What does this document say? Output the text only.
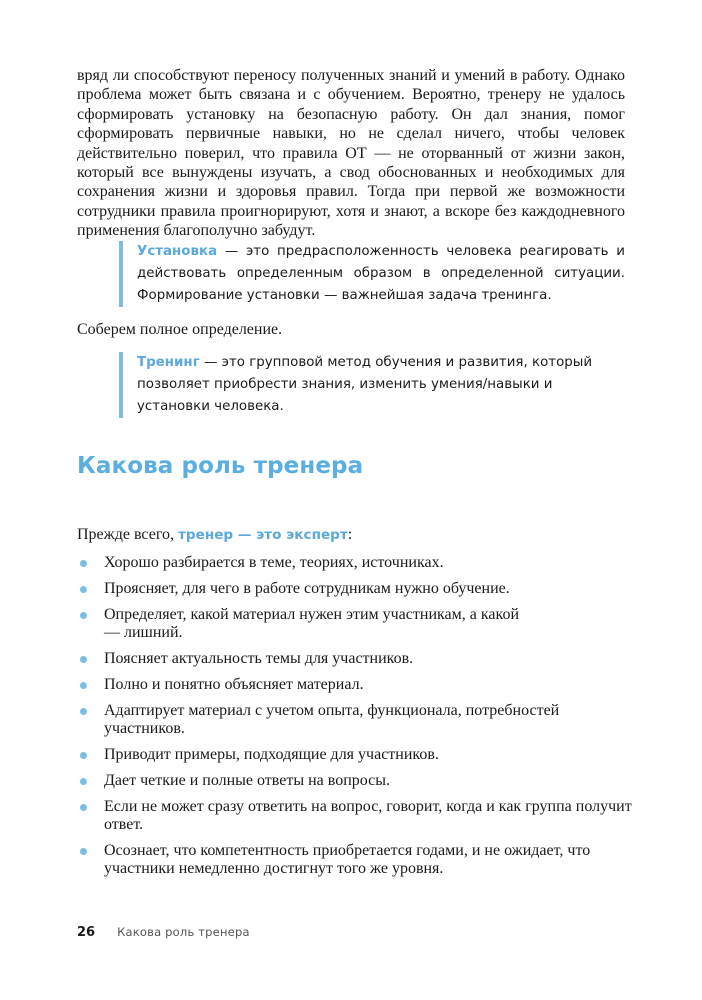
вряд ли способствуют переносу полученных знаний и умений в работу. Однако проблема может быть связана и с обучением. Вероятно, тренеру не удалось сформировать установку на безопасную работу. Он дал знания, помог сформировать первичные навыки, но не сделал ничего, чтобы человек действительно поверил, что правила ОТ — не оторванный от жизни закон, который все вынуждены изучать, а свод обоснованных и необходимых для сохранения жизни и здоровья правил. Тогда при первой же возможности сотрудники правила проигнорируют, хотя и знают, а вскоре без каждодневного применения благополучно забудут.

Установка — это предрасположенность человека реагировать и действовать определенным образом в определенной ситуации. Формирование установки — важнейшая задача тренинга.

Соберем полное определение.

Тренинг — это групповой метод обучения и развития, который позволяет приобрести знания, изменить умения/навыки и установки человека.
Какова роль тренера

Прежде всего, тренер — это эксперт:

Хорошо разбирается в теме, теориях, источниках.
Проясняет, для чего в работе сотрудникам нужно обучение.
Определяет, какой материал нужен этим участникам, а какой — лишний.
Поясняет актуальность темы для участников.
Полно и понятно объясняет материал.
Адаптирует материал с учетом опыта, функционала, потребностей участников.
Приводит примеры, подходящие для участников.
Дает четкие и полные ответы на вопросы.
Если не может сразу ответить на вопрос, говорит, когда и как группа получит ответ.
Осознает, что компетентность приобретается годами, и не ожидает, что участники немедленно достигнут того же уровня.
26 Какова роль тренера
